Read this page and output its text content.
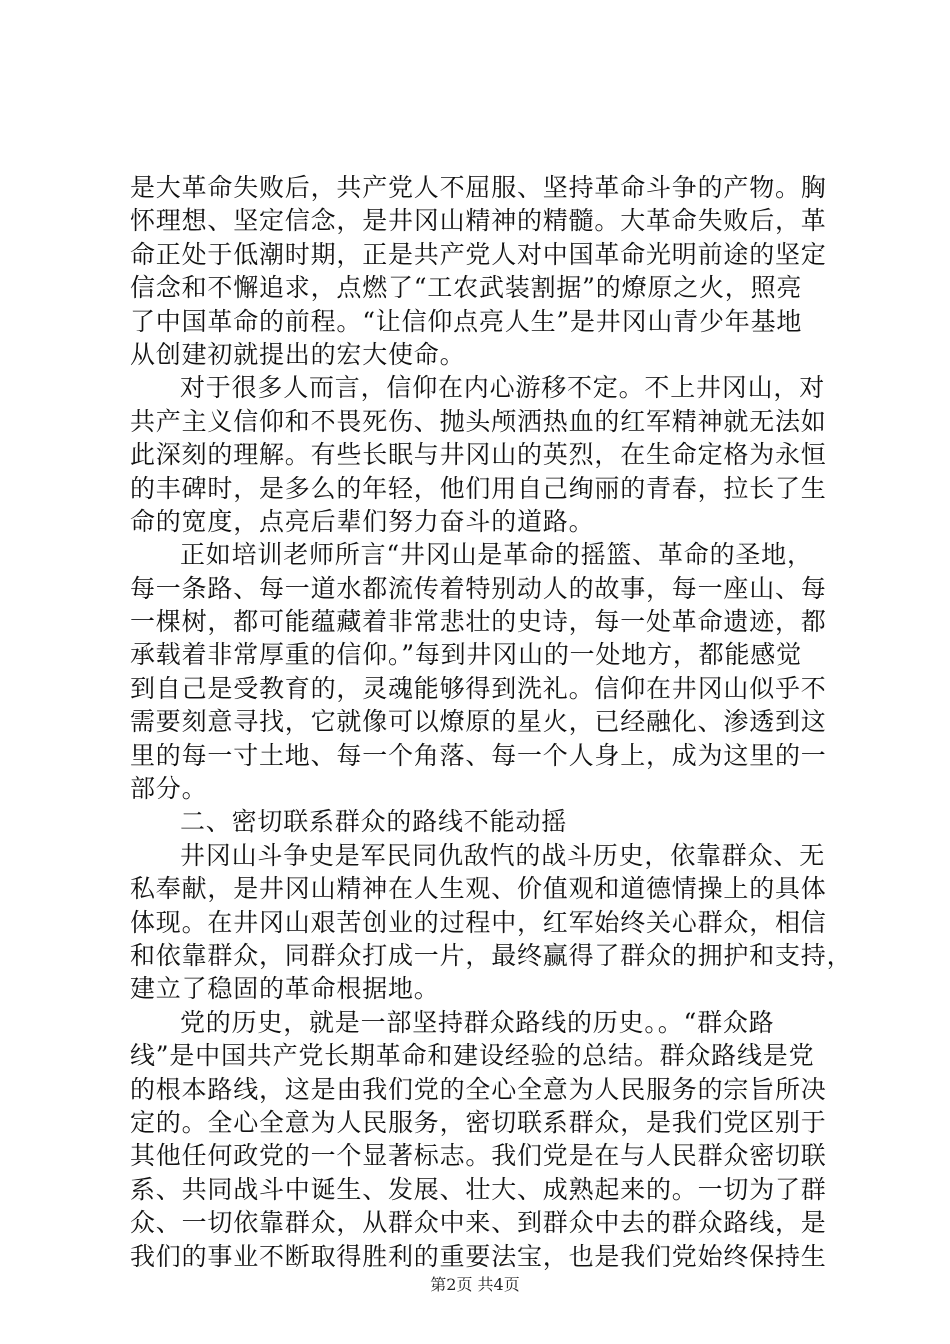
是大革命失败后，共产党人不屈服、坚持革命斗争的产物。胸
怀理想、坚定信念，是井冈山精神的精髓。大革命失败后，革
命正处于低潮时期，正是共产党人对中国革命光明前途的坚定
信念和不懈追求，点燃了“工农武装割据”的燎原之火，照亮
了中国革命的前程。“让信仰点亮人生”是井冈山青少年基地
从创建初就提出的宏大使命。
对于很多人而言，信仰在内心游移不定。不上井冈山，对
共产主义信仰和不畏死伤、抛头颅洒热血的红军精神就无法如
此深刻的理解。有些长眠与井冈山的英烈，在生命定格为永恒
的丰碑时，是多么的年轻，他们用自己绚丽的青春，拉长了生
命的宽度，点亮后辈们努力奋斗的道路。
正如培训老师所言“井冈山是革命的摇篮、革命的圣地，
每一条路、每一道水都流传着特别动人的故事，每一座山、每
一棵树，都可能蕴藏着非常悲壮的史诗，每一处革命遗迹，都
承载着非常厚重的信仰。”每到井冈山的一处地方，都能感觉
到自己是受教育的，灵魂能够得到洗礼。信仰在井冈山似乎不
需要刻意寻找，它就像可以燎原的星火，已经融化、渗透到这
里的每一寸土地、每一个角落、每一个人身上，成为这里的一
部分。
二、密切联系群众的路线不能动摇
井冈山斗争史是军民同仇敌忾的战斗历史，依靠群众、无
私奉献，是井冈山精神在人生观、价值观和道德情操上的具体
体现。在井冈山艰苦创业的过程中，红军始终关心群众，相信
和依靠群众，同群众打成一片，最终赢得了群众的拥护和支持，
建立了稳固的革命根据地。
党的历史，就是一部坚持群众路线的历史。。“群众路
线”是中国共产党长期革命和建设经验的总结。群众路线是党
的根本路线，这是由我们党的全心全意为人民服务的宗旨所决
定的。全心全意为人民服务，密切联系群众，是我们党区别于
其他任何政党的一个显著标志。我们党是在与人民群众密切联
系、共同战斗中诞生、发展、壮大、成熟起来的。一切为了群
众、一切依靠群众，从群众中来、到群众中去的群众路线，是
我们的事业不断取得胜利的重要法宝，也是我们党始终保持生
第2页 共4页
